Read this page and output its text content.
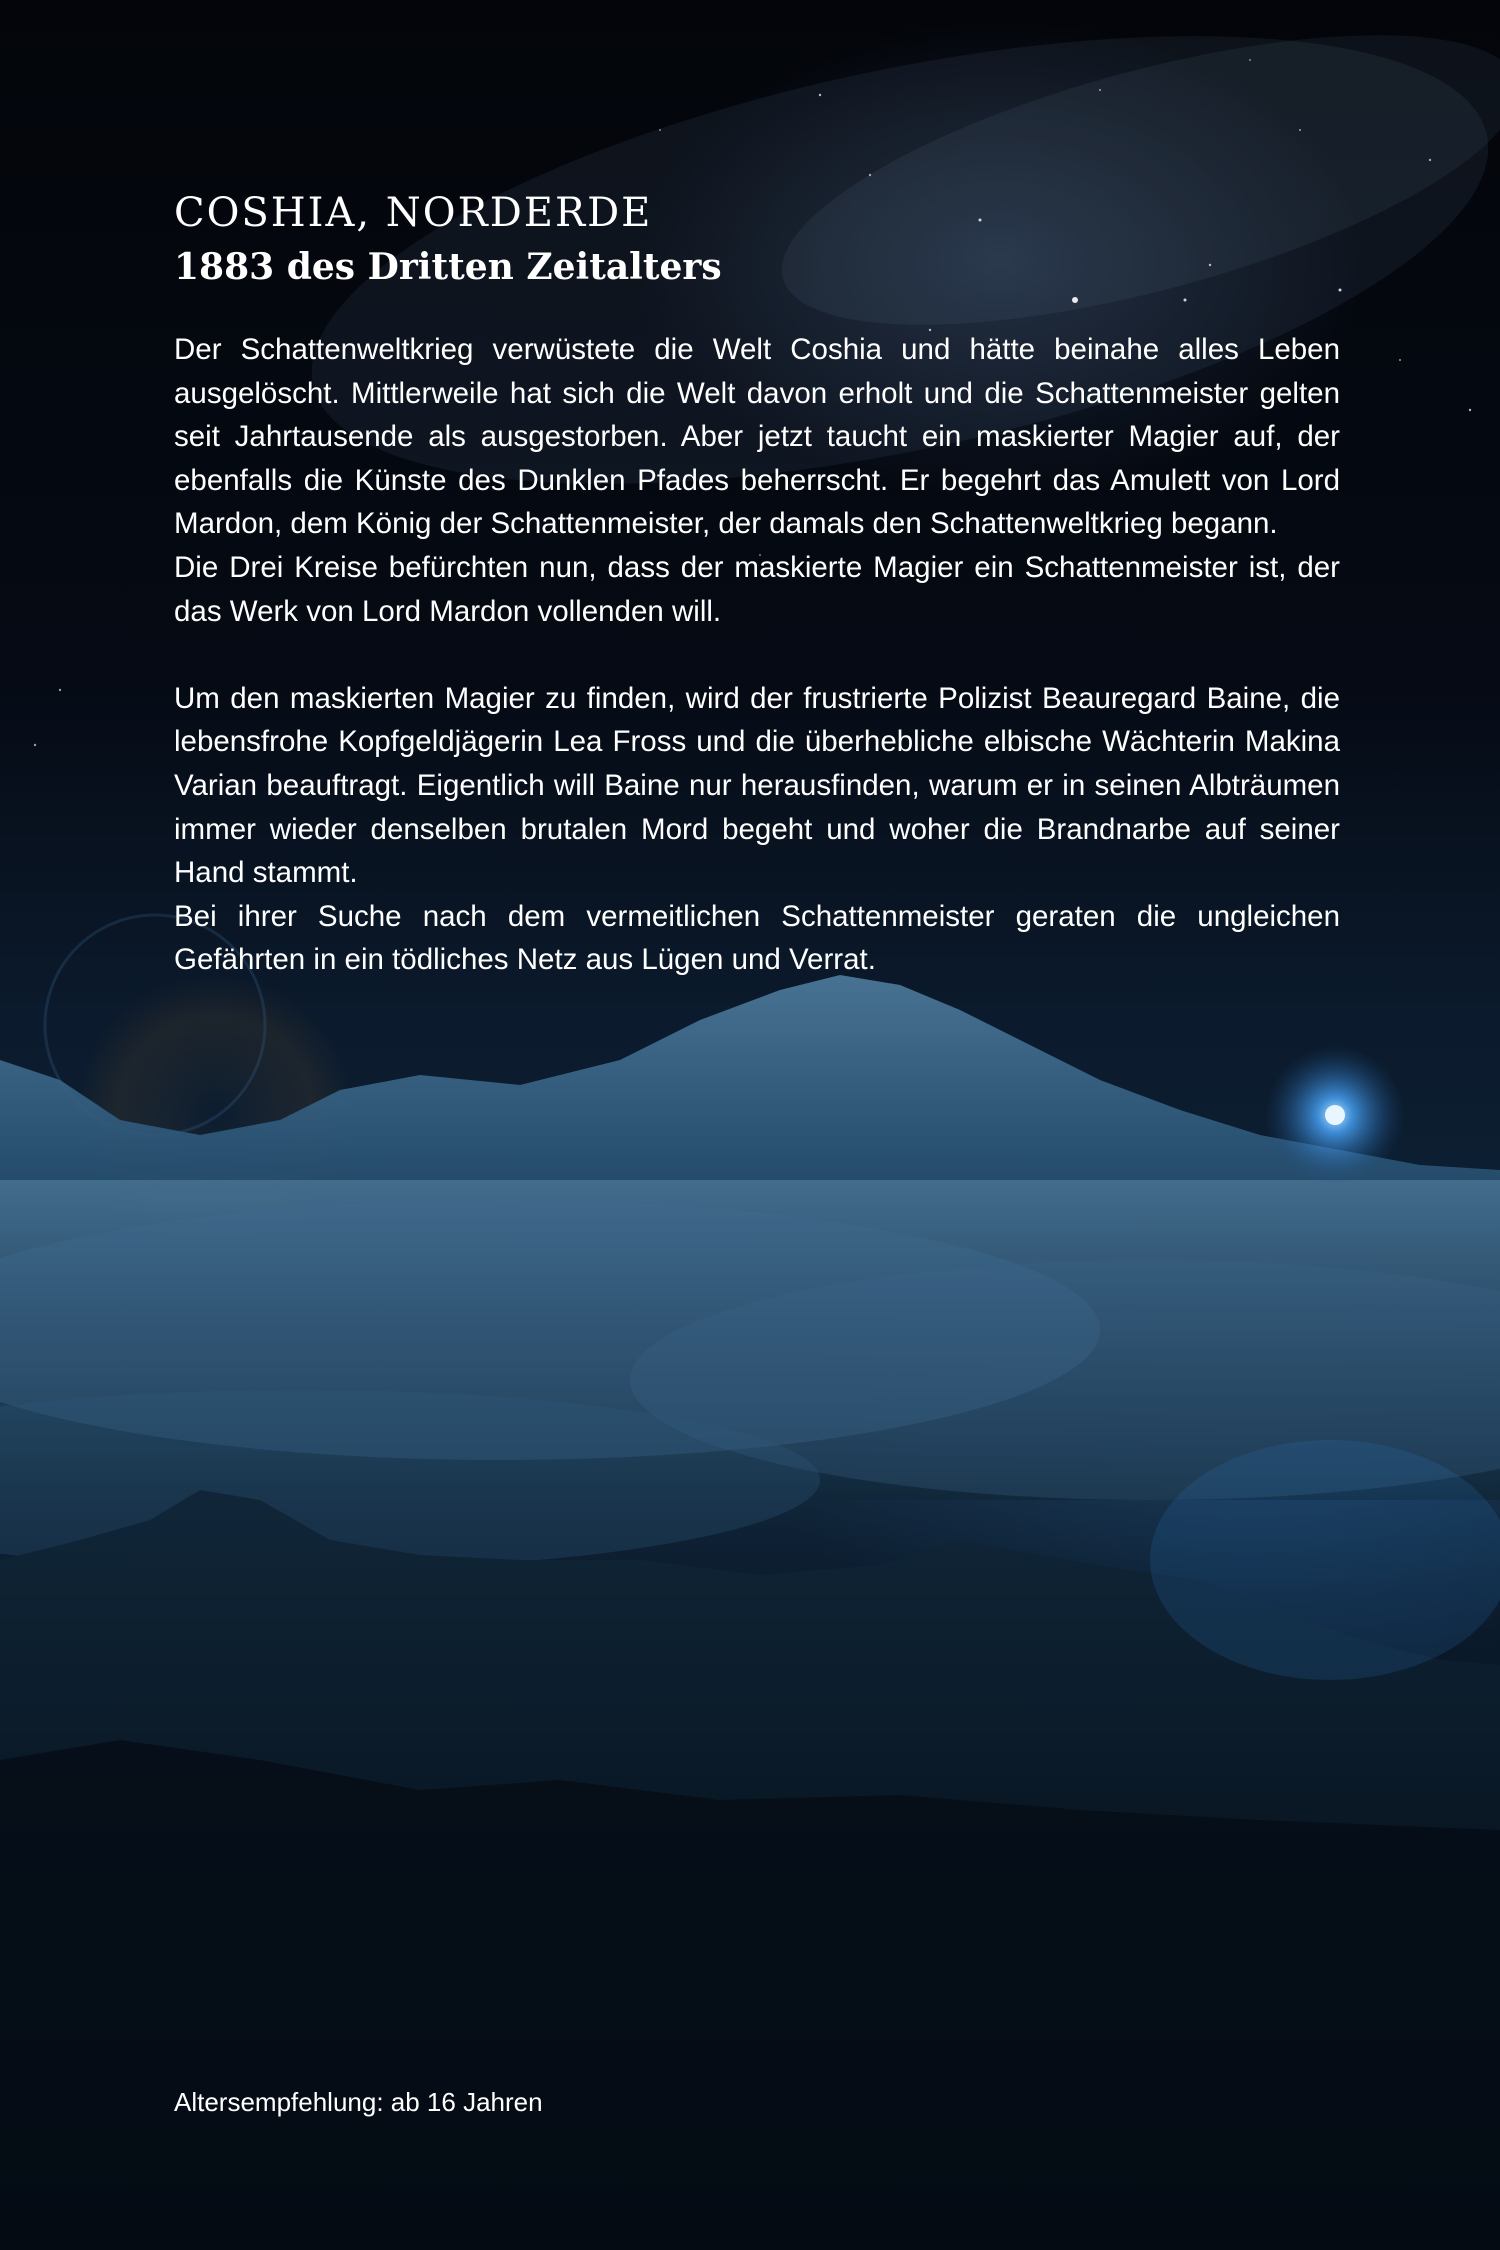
COSHIA, NORDERDE
1883 des Dritten Zeitalters

Der Schattenweltkrieg verwüstete die Welt Coshia und hätte beinahe alles Leben ausgelöscht. Mittlerweile hat sich die Welt davon erholt und die Schattenmeister gelten seit Jahrtausende als ausgestorben. Aber jetzt taucht ein maskierter Magier auf, der ebenfalls die Künste des Dunklen Pfades beherrscht. Er begehrt das Amulett von Lord Mardon, dem König der Schattenmeister, der damals den Schattenweltkrieg begann.

Die Drei Kreise befürchten nun, dass der maskierte Magier ein Schattenmeister ist, der das Werk von Lord Mardon vollenden will.

Um den maskierten Magier zu finden, wird der frustrierte Polizist Beauregard Baine, die lebensfrohe Kopfgeldjägerin Lea Fross und die überhebliche elbische Wächterin Makina Varian beauftragt. Eigentlich will Baine nur herausfinden, warum er in seinen Albträumen immer wieder denselben brutalen Mord begeht und woher die Brandnarbe auf seiner Hand stammt.

Bei ihrer Suche nach dem vermeitlichen Schattenmeister geraten die ungleichen Gefährten in ein tödliches Netz aus Lügen und Verrat.

Altersempfehlung: ab 16 Jahren
